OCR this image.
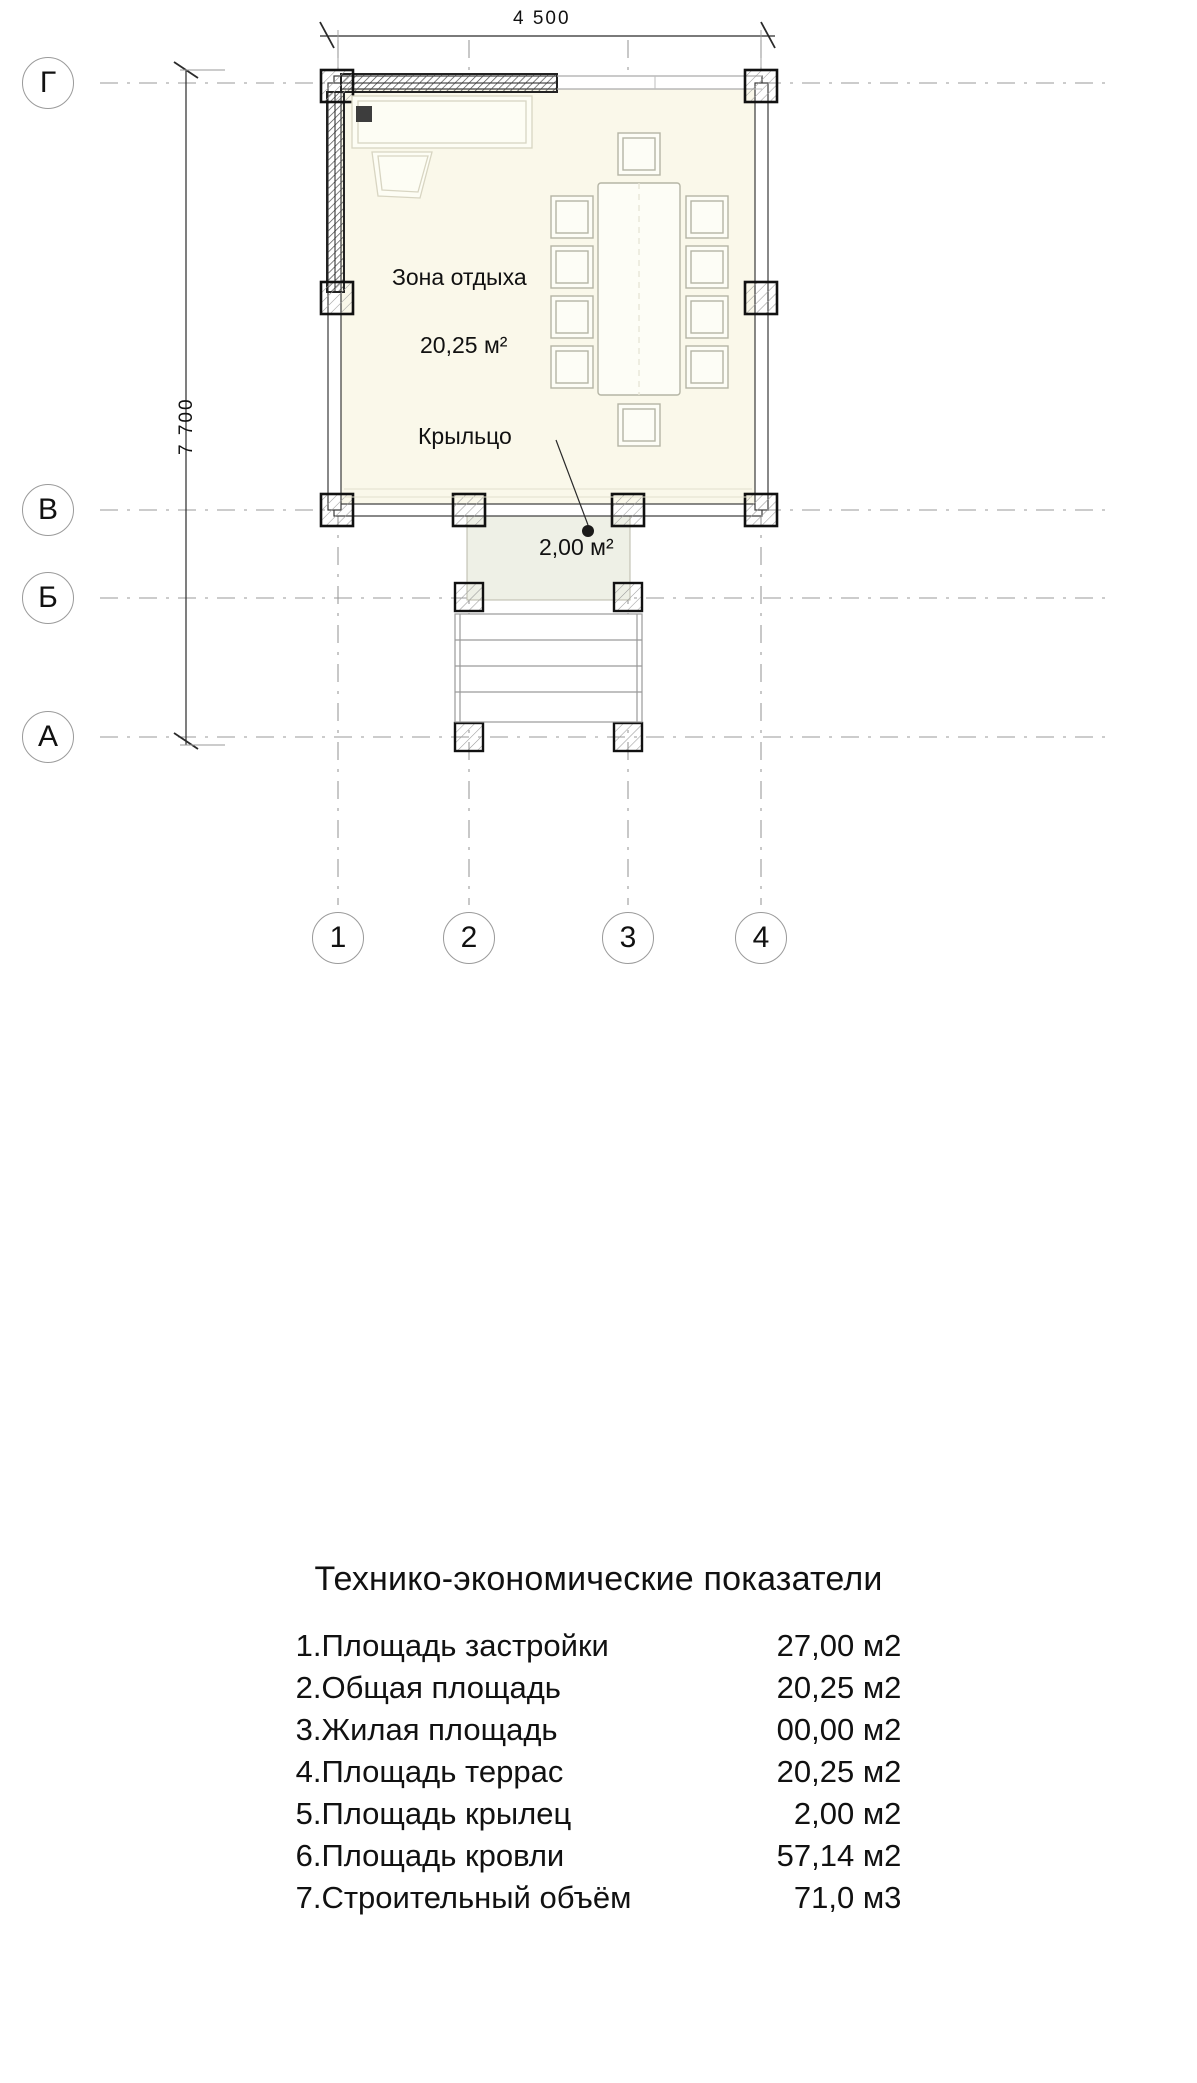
4 500
7 700
Г
В
Б
А
1	2	3	4
Зона отдыха
20,25 м²
Крыльцо
2,00 м²
Технико-экономические показатели
1.	Площадь застройки	27,00 м2
2.	Общая площадь	20,25 м2
3.	Жилая площадь	00,00 м2
4.	Площадь террас	20,25 м2
5.	Площадь крылец	2,00 м2
6.	Площадь кровли	57,14 м2
7.	Строительный объём	71,0 м3
